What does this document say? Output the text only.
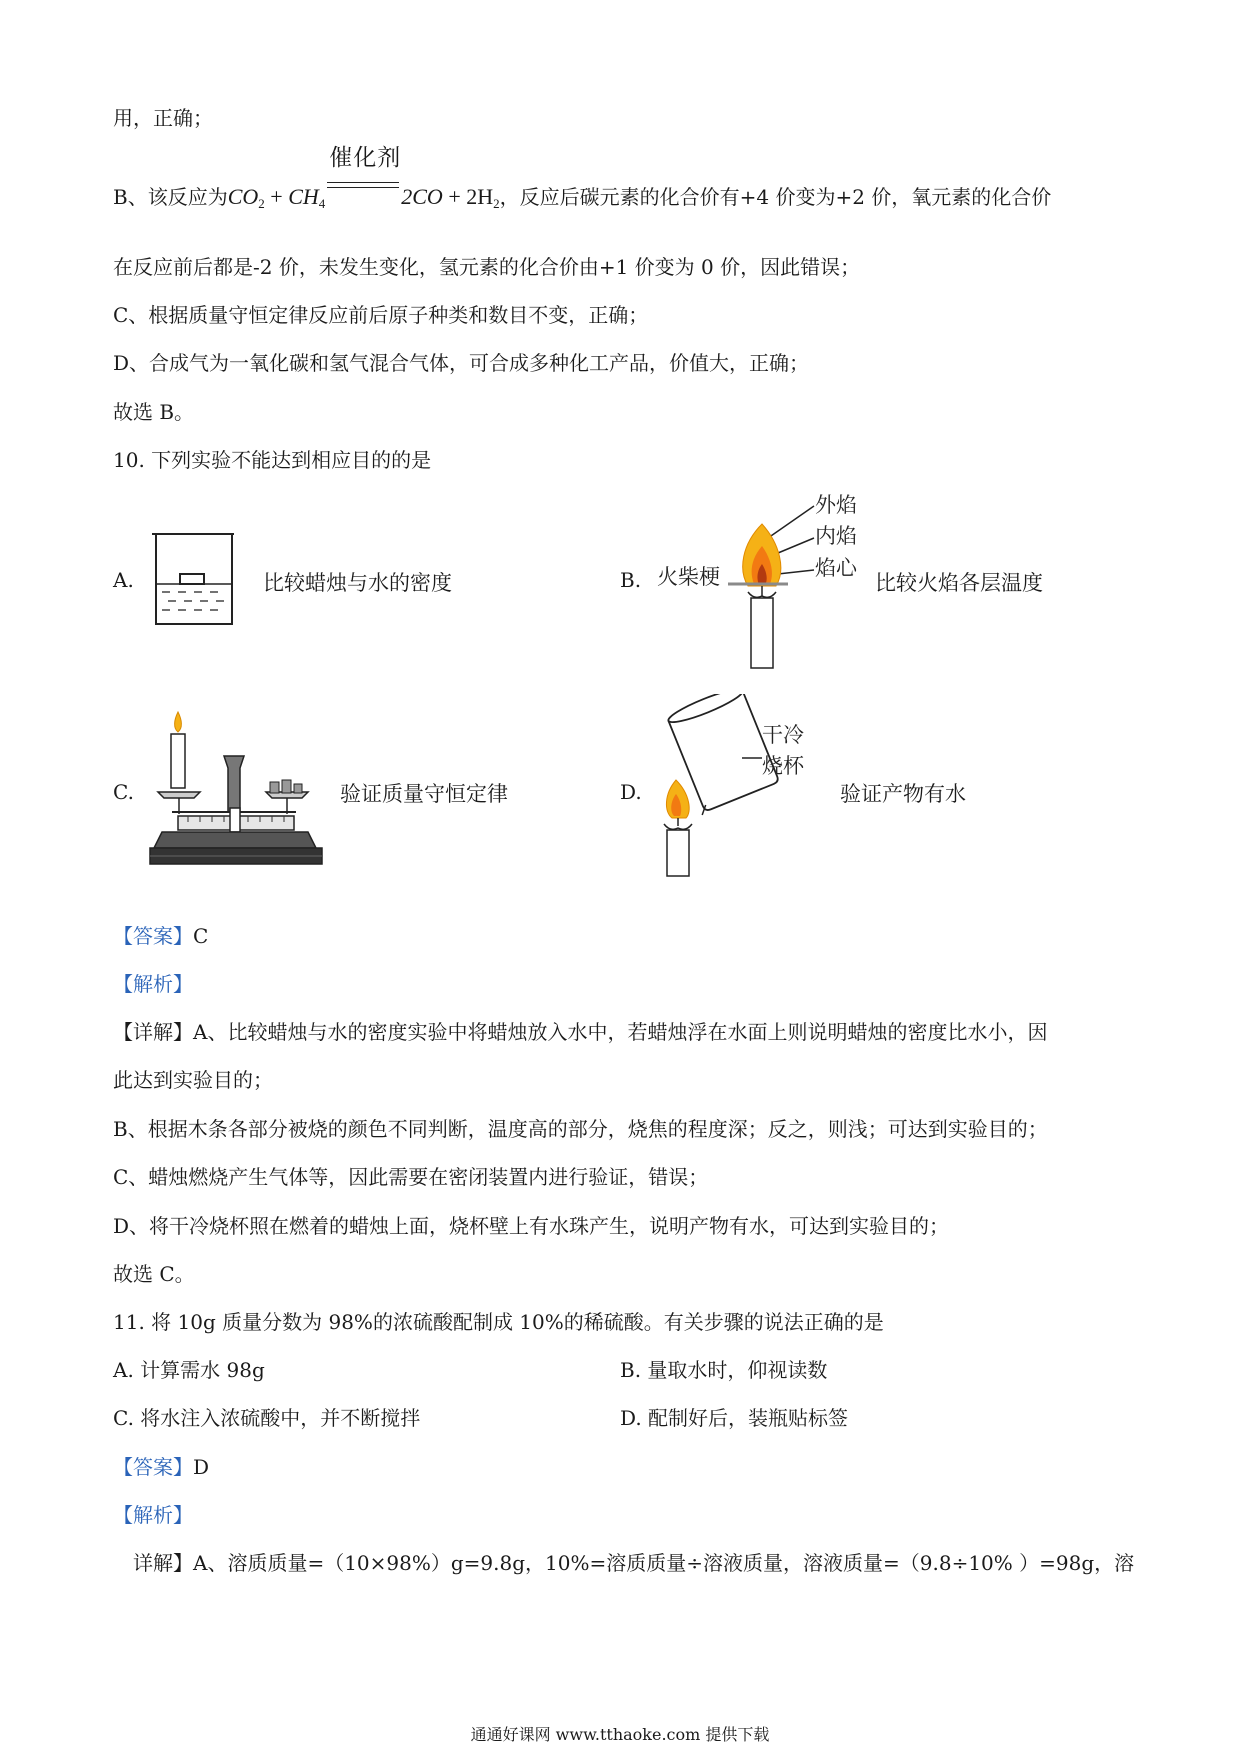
用，正确；
B、该反应为$CO_2 + CH_4$
催化剂
$2CO + 2H_2$，反应后碳元素的化合价有+4 价变为+2 价，氧元素的化合价
在反应前后都是-2 价，未发生变化，氢元素的化合价由+1 价变为 0 价，因此错误；
C、根据质量守恒定律反应前后原子种类和数目不变，正确；
D、合成气为一氧化碳和氢气混合气体，可合成多种化工产品，价值大，正确；
故选 B。
10. 下列实验不能达到相应目的的是
A.	比较蜡烛与水的密度	B. 火柴梗
外焰
内焰
焰心
比较火焰各层温度
C.	验证质量守恒定律	D.
干冷
烧杯
验证产物有水
【答案】C
【解析】
【详解】A、比较蜡烛与水的密度实验中将蜡烛放入水中，若蜡烛浮在水面上则说明蜡烛的密度比水小，因
此达到实验目的；
B、根据木条各部分被烧的颜色不同判断，温度高的部分，烧焦的程度深；反之，则浅；可达到实验目的；
C、蜡烛燃烧产生气体等，因此需要在密闭装置内进行验证，错误；
D、将干冷烧杯照在燃着的蜡烛上面，烧杯壁上有水珠产生，说明产物有水，可达到实验目的；
故选 C。
11. 将 10g 质量分数为 98%的浓硫酸配制成 10%的稀硫酸。有关步骤的说法正确的是
A. 计算需水 98g	B. 量取水时，仰视读数
C. 将水注入浓硫酸中，并不断搅拌	D. 配制好后，装瓶贴标签
【答案】D
【解析】
详解】A、溶质质量=（10×98%）g=9.8g，10%=溶质质量÷溶液质量，溶液质量=（9.8÷10% ）=98g，溶
通通好课网 www.tthaoke.com 提供下载
